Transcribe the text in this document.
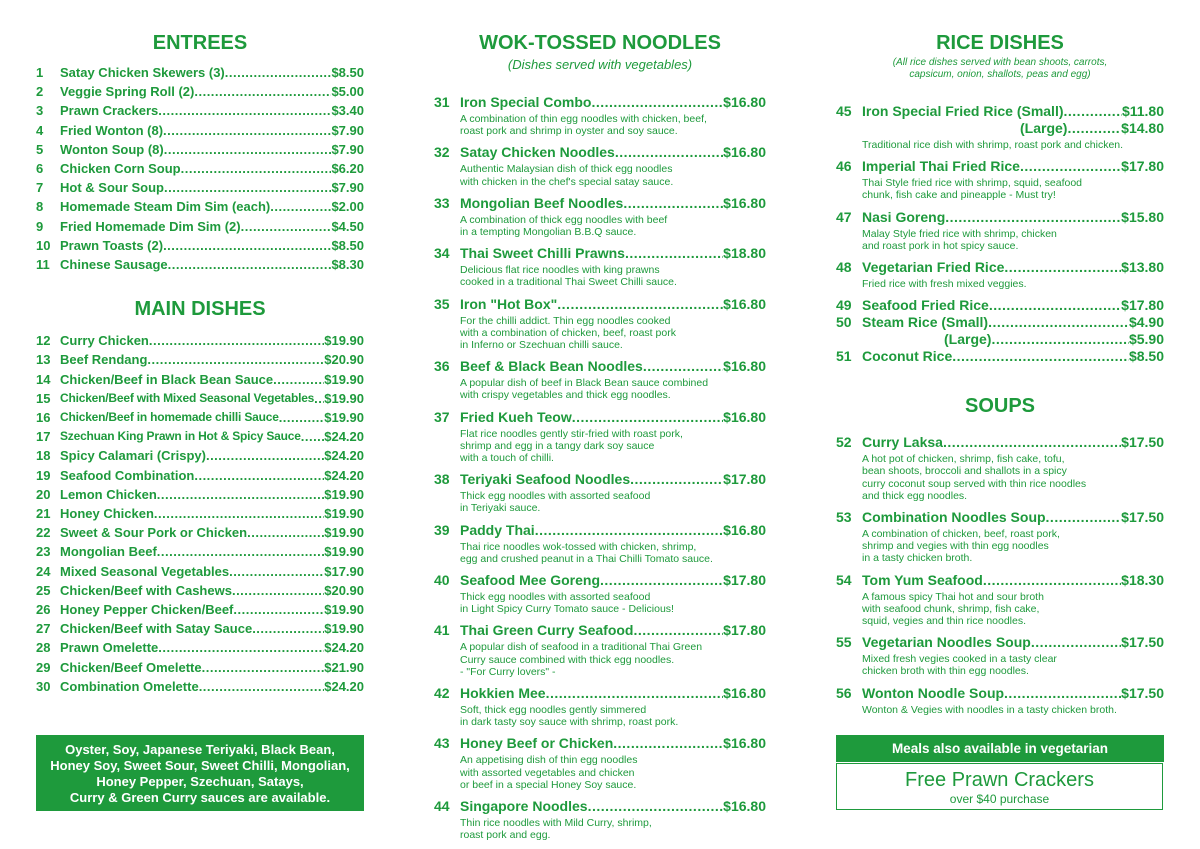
ENTREES
1	Satay Chicken Skewers (3) .....	$8.50
2	Veggie Spring Roll (2) .....	$5.00
3	Prawn Crackers .....	$3.40
4	Fried Wonton (8) .....	$7.90
5	Wonton Soup (8) .....	$7.90
6	Chicken Corn Soup .....	$6.20
7	Hot & Sour Soup .....	$7.90
8	Homemade Steam Dim Sim (each) .....	$2.00
9	Fried Homemade Dim Sim (2) .....	$4.50
10 Prawn Toasts (2) .....	$8.50
11 Chinese Sausage .....	$8.30
MAIN DISHES
12 Curry Chicken .....	$19.90
13 Beef Rendang .....	$20.90
14 Chicken/Beef in Black Bean Sauce .....	$19.90
15 Chicken/Beef with Mixed Seasonal Vegetables ..... $19.90
16 Chicken/Beef in homemade chilli Sauce .....	$19.90
17 Szechuan King Prawn in Hot & Spicy Sauce ..... $24.20
18 Spicy Calamari (Crispy) .....	$24.20
19 Seafood Combination .....	$24.20
20 Lemon Chicken .....	$19.90
21 Honey Chicken .....	$19.90
22 Sweet & Sour Pork or Chicken .....	$19.90
23 Mongolian Beef .....	$19.90
24 Mixed Seasonal Vegetables .....	$17.90
25 Chicken/Beef with Cashews .....	$20.90
26 Honey Pepper Chicken/Beef .....	$19.90
27 Chicken/Beef with Satay Sauce .....	$19.90
28 Prawn Omelette .....	$24.20
29 Chicken/Beef Omelette .....	$21.90
30 Combination Omelette .....	$24.20
Oyster, Soy, Japanese Teriyaki, Black Bean,
Honey Soy, Sweet Sour, Sweet Chilli, Mongolian,
Honey Pepper, Szechuan, Satays,
Curry & Green Curry sauces are available.
WOK-TOSSED NOODLES
(Dishes served with vegetables)
31 Iron Special Combo .....	$16.80
A combination of thin egg noodles with chicken, beef,
roast pork and shrimp in oyster and soy sauce.
32 Satay Chicken Noodles .....	$16.80
Authentic Malaysian dish of thick egg noodles
with chicken in the chef's special satay sauce.
33 Mongolian Beef Noodles .....	$16.80
A combination of thick egg noodles with beef
in a tempting Mongolian B.B.Q sauce.
34 Thai Sweet Chilli Prawns .....	$18.80
Delicious flat rice noodles with king prawns
cooked in a traditional Thai Sweet Chilli sauce.
35 Iron "Hot Box" .....	$16.80
For the chilli addict. Thin egg noodles cooked
with a combination of chicken, beef, roast pork
in Inferno or Szechuan chilli sauce.
36 Beef & Black Bean Noodles .....	$16.80
A popular dish of beef in Black Bean sauce combined
with crispy vegetables and thick egg noodles.
37 Fried Kueh Teow .....	$16.80
Flat rice noodles gently stir-fried with roast pork,
shrimp and egg in a tangy dark soy sauce
with a touch of chilli.
38 Teriyaki Seafood Noodles .....	$17.80
Thick egg noodles with assorted seafood
in Teriyaki sauce.
39 Paddy Thai .....	$16.80
Thai rice noodles wok-tossed with chicken, shrimp,
egg and crushed peanut in a Thai Chilli Tomato sauce.
40 Seafood Mee Goreng .....	$17.80
Thick egg noodles with assorted seafood
in Light Spicy Curry Tomato sauce - Delicious!
41 Thai Green Curry Seafood .....	$17.80
A popular dish of seafood in a traditional Thai Green
Curry sauce combined with thick egg noodles.
- "For Curry lovers" -
42 Hokkien Mee .....	$16.80
Soft, thick egg noodles gently simmered
in dark tasty soy sauce with shrimp, roast pork.
43 Honey Beef or Chicken .....	$16.80
An appetising dish of thin egg noodles
with assorted vegetables and chicken
or beef in a special Honey Soy sauce.
44 Singapore Noodles .....	$16.80
Thin rice noodles with Mild Curry, shrimp,
roast pork and egg.
RICE DISHES
(All rice dishes served with bean shoots, carrots,
capsicum, onion, shallots, peas and egg)
45 Iron Special Fried Rice (Small) .....	$11.80
(Large) .....	$14.80
Traditional rice dish with shrimp, roast pork and chicken.
46 Imperial Thai Fried Rice .....	$17.80
Thai Style fried rice with shrimp, squid, seafood
chunk, fish cake and pineapple - Must try!
47 Nasi Goreng .....	$15.80
Malay Style fried rice with shrimp, chicken
and roast pork in hot spicy sauce.
48 Vegetarian Fried Rice .....	$13.80
Fried rice with fresh mixed veggies.
49 Seafood Fried Rice .....	$17.80
50 Steam Rice (Small) .....	$4.90
(Large) .....	$5.90
51 Coconut Rice .....	$8.50
SOUPS
52 Curry Laksa .....	$17.50
A hot pot of chicken, shrimp, fish cake, tofu,
bean shoots, broccoli and shallots in a spicy
curry coconut soup served with thin rice noodles
and thick egg noodles.
53 Combination Noodles Soup .....	$17.50
A combination of chicken, beef, roast pork,
shrimp and vegies with thin egg noodles
in a tasty chicken broth.
54 Tom Yum Seafood .....	$18.30
A famous spicy Thai hot and sour broth
with seafood chunk, shrimp, fish cake,
squid, vegies and thin rice noodles.
55 Vegetarian Noodles Soup .....	$17.50
Mixed fresh vegies cooked in a tasty clear
chicken broth with thin egg noodles.
56 Wonton Noodle Soup .....	$17.50
Wonton & Vegies with noodles in a tasty chicken broth.
Meals also available in vegetarian
Free Prawn Crackers
over $40 purchase
